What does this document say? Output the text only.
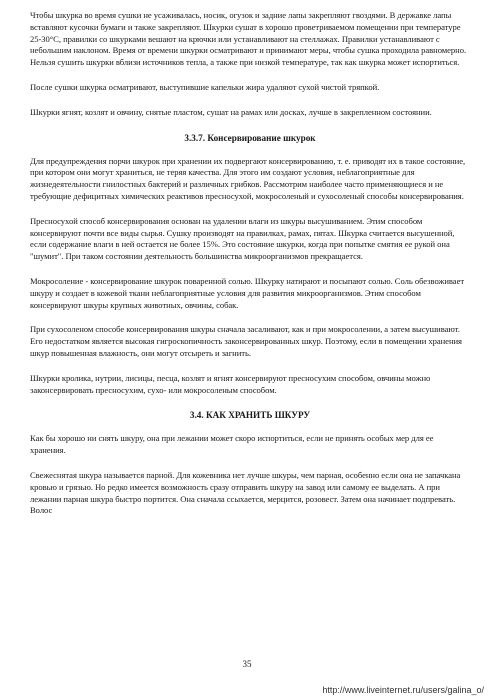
Чтобы шкурка во время сушки не усаживалась, носик, огузок и задние лапы закрепляют гвоздями. В державке лапы вставляют кусочки бумаги и также закрепляют. Шкурки сушат в хорошо проветриваемом помещении при температуре 25-30°С, правилки со шкурками вешают на крючки или устанавливают на стеллажах. Правилки устанавливают с небольшим наклоном. Время от времени шкурки осматривают и принимают меры, чтобы сушка проходила равномерно. Нельзя сушить шкурки вблизи источников тепла, а также при низкой температуре, так как шкурка может испортиться.

После сушки шкурка осматривают, выступившие капельки жира удаляют сухой чистой тряпкой.

Шкурки ягнят, козлят и овчину, снятые пластом, сушат на рамах или досках, лучше в закрепленном состоянии.

3.3.7. Консервирование шкурок

Для предупреждения порчи шкурок при хранении их подвергают консервированию, т. е. приводят их в такое состояние, при котором они могут храниться, не теряя качества. Для этого им создают условия, неблагоприятные для жизнедеятельности гнилостных бактерий и различных грибков. Рассмотрим наиболее часто применяющиеся и не требующие дефицитных химических реактивов пресносухой, мокросоленый и сухосоленый способы консервирования.

Пресносухой способ консервирования основан на удалении влаги из шкуры высушиванием. Этим способом консервируют почти все виды сырья. Сушку производят на правилках, рамах, пятах. Шкурка считается высушенной, если содержание влаги в ней остается не более 15%. Это состояние шкурки, когда при попытке смятия ее рукой она "шумит". При таком состоянии деятельность большинства микроорганизмов прекращается.

Мокросоление - консервирование шкурок поваренной солью. Шкурку натирают и посыпают солью. Соль обезвоживает шкуру и создает в кожевой ткани неблагоприятные условия для развития микроорганизмов. Этим способом консервируют шкуры крупных животных, овчины, собак.

При сухосоленом способе консервирования шкуры сначала засаливают, как и при мокросолении, а затем высушивают. Его недостатком является высокая гигроскопичность законсервированных шкур. Поэтому, если в помещении хранения шкур повышенная влажность, они могут отсыреть и загнить.

Шкурки кролика, нутрии, лисицы, песца, козлят и ягнят консервируют пресносухим способом, овчины можно законсервировать пресносухим, сухо- или мокросоленым способом.

3.4. КАК ХРАНИТЬ ШКУРУ

Как бы хорошо ни снять шкуру, она при лежании может скоро испортиться, если не принять особых мер для ее хранения.

Свежеснятая шкура называется парной. Для кожевника нет лучше шкуры, чем парная, особенно если она не запачкана кровью и грязью. Но редко имеется возможность сразу отправить шкуру на завод или самому ее выделать. А при лежании парная шкура быстро портится. Она сначала ссыхается, мерцится, розовест. Затем она начинает подпревать. Волос

35
http://www.liveinternet.ru/users/galina_o/
